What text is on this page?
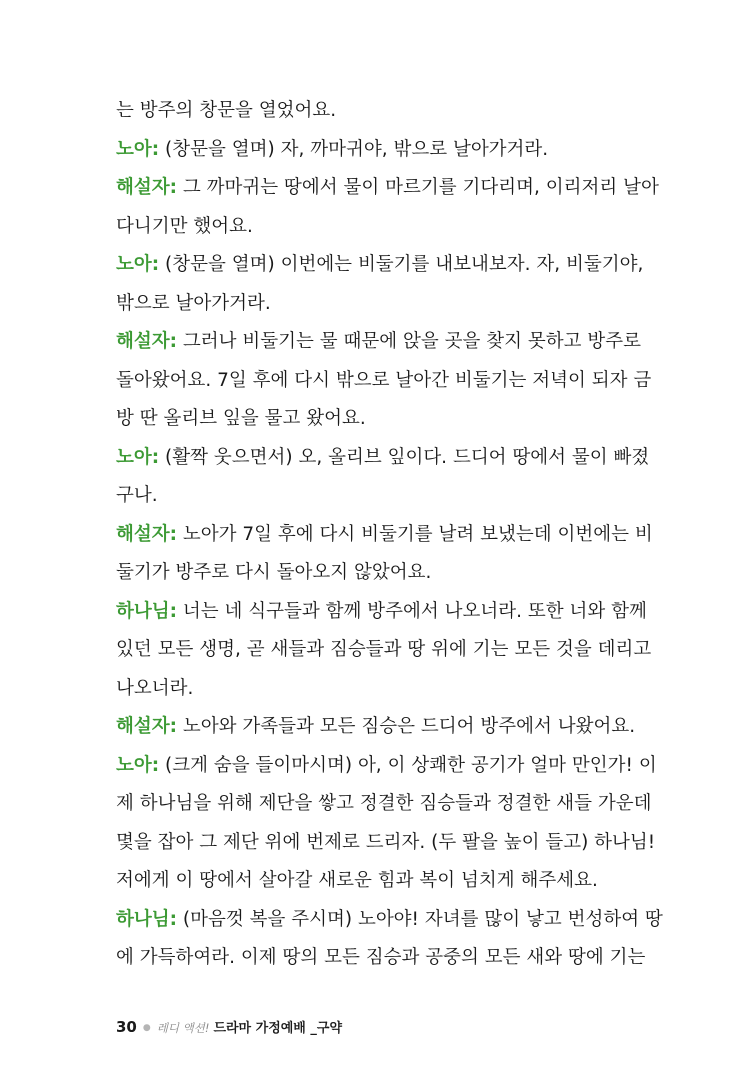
는 방주의 창문을 열었어요.
노아: (창문을 열며) 자, 까마귀야, 밖으로 날아가거라.
해설자: 그 까마귀는 땅에서 물이 마르기를 기다리며, 이리저리 날아
다니기만 했어요.
노아: (창문을 열며) 이번에는 비둘기를 내보내보자. 자, 비둘기야,
밖으로 날아가거라.
해설자: 그러나 비둘기는 물 때문에 앉을 곳을 찾지 못하고 방주로
돌아왔어요. 7일 후에 다시 밖으로 날아간 비둘기는 저녁이 되자 금
방 딴 올리브 잎을 물고 왔어요.
노아: (활짝 웃으면서) 오, 올리브 잎이다. 드디어 땅에서 물이 빠졌
구나.
해설자: 노아가 7일 후에 다시 비둘기를 날려 보냈는데 이번에는 비
둘기가 방주로 다시 돌아오지 않았어요.
하나님: 너는 네 식구들과 함께 방주에서 나오너라. 또한 너와 함께
있던 모든 생명, 곧 새들과 짐승들과 땅 위에 기는 모든 것을 데리고
나오너라.
해설자: 노아와 가족들과 모든 짐승은 드디어 방주에서 나왔어요.
노아: (크게 숨을 들이마시며) 아, 이 상쾌한 공기가 얼마 만인가! 이
제 하나님을 위해 제단을 쌓고 정결한 짐승들과 정결한 새들 가운데
몇을 잡아 그 제단 위에 번제로 드리자. (두 팔을 높이 들고) 하나님!
저에게 이 땅에서 살아갈 새로운 힘과 복이 넘치게 해주세요.
하나님: (마음껏 복을 주시며) 노아야! 자녀를 많이 낳고 번성하여 땅
에 가득하여라. 이제 땅의 모든 짐승과 공중의 모든 새와 땅에 기는
30 ● 레디 액션! 드라마 가정예배 _구약
